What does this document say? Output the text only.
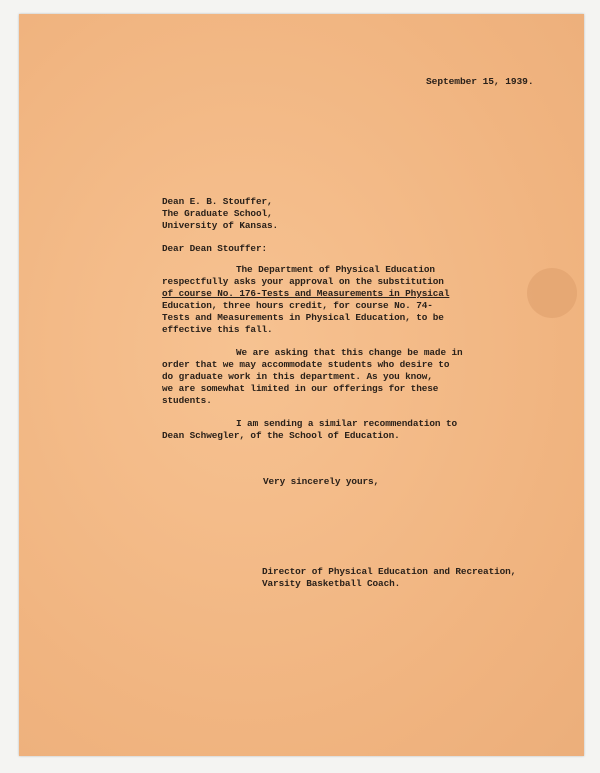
September 15, 1939.
Dean E. B. Stouffer,
The Graduate School,
University of Kansas.
Dear Dean Stouffer:
The Department of Physical Education
respectfully asks your approval on the substitution
of course No. 176-Tests and Measurements in Physical
Education, three hours credit, for course No. 74-
Tests and Measurements in Physical Education, to be
effective this fall.
We are asking that this change be made in
order that we may accommodate students who desire to
do graduate work in this department. As you know,
we are somewhat limited in our offerings for these
students.
I am sending a similar recommendation to
Dean Schwegler, of the School of Education.
Very sincerely yours,
Director of Physical Education and Recreation,
Varsity Basketball Coach.
